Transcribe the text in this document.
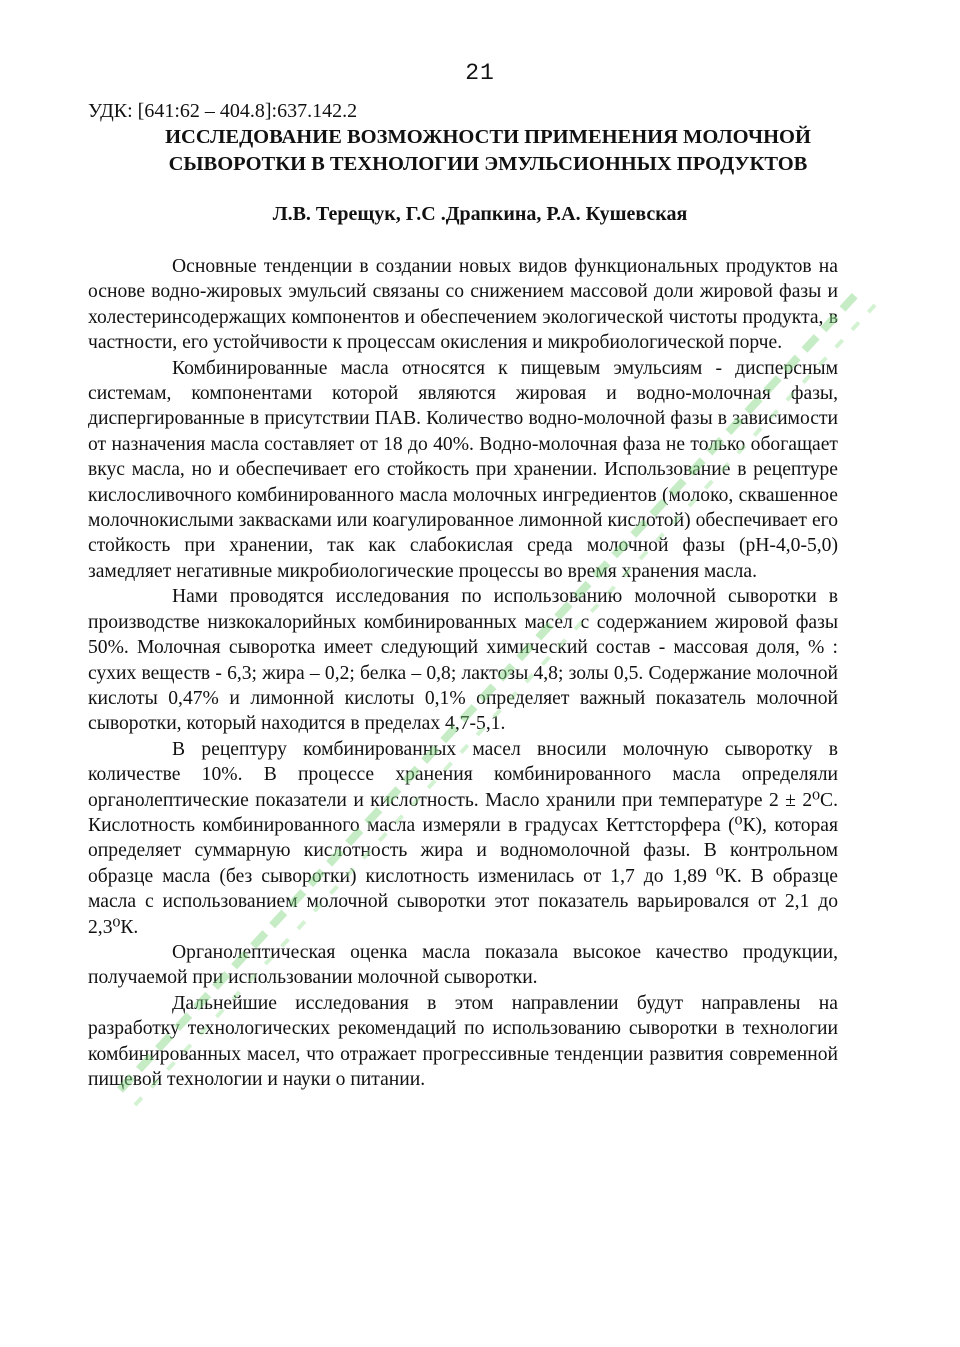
21
УДК: [641:62 – 404.8]:637.142.2
ИССЛЕДОВАНИЕ ВОЗМОЖНОСТИ ПРИМЕНЕНИЯ МОЛОЧНОЙ
СЫВОРОТКИ В ТЕХНОЛОГИИ ЭМУЛЬСИОННЫХ ПРОДУКТОВ
Л.В. Терещук, Г.С .Драпкина, Р.А. Кушевская

Основные тенденции в создании новых видов функциональных продуктов на основе водно-жировых эмульсий связаны со снижением массовой доли жировой фазы и холестеринсодержащих компонентов и обеспечением экологической чистоты продукта, в частности, его устойчивости к процессам окисления и микробиологической порче.

Комбинированные масла относятся к пищевым эмульсиям - дисперсным системам, компонентами которой являются жировая и водно-молочная фазы, диспергированные в присутствии ПАВ. Количество водно-молочной фазы в зависимости от назначения масла составляет от 18 до 40%. Водно-молочная фаза не только обогащает вкус масла, но и обеспечивает его стойкость при хранении. Использование в рецептуре кислосливочного комбинированного масла молочных ингредиентов (молоко, сквашенное молочнокислыми заквасками или коагулированное лимонной кислотой) обеспечивает его стойкость при хранении, так как слабокислая среда молочной фазы (pH-4,0-5,0) замедляет негативные микробиологические процессы во время хранения масла.

Нами проводятся исследования по использованию молочной сыворотки в производстве низкокалорийных комбинированных масел с содержанием жировой фазы 50%. Молочная сыворотка имеет следующий химический состав - массовая доля, % : сухих веществ - 6,3; жира – 0,2; белка – 0,8; лактозы 4,8; золы 0,5. Содержание молочной кислоты 0,47% и лимонной кислоты 0,1% определяет важный показатель молочной сыворотки, который находится в пределах 4,7-5,1.

В рецептуру комбинированных масел вносили молочную сыворотку в количестве 10%. В процессе хранения комбинированного масла определяли органолептические показатели и кислотность. Масло хранили при температуре 2 ± 2⁰С. Кислотность комбинированного масла измеряли в градусах Кеттсторфера (⁰К), которая определяет суммарную кислотность жира и водномолочной фазы. В контрольном образце масла (без сыворотки) кислотность изменилась от 1,7 до 1,89 ⁰К. В образце масла с использованием молочной сыворотки этот показатель варьировался от 2,1 до 2,3⁰К.

Органолептическая оценка масла показала высокое качество продукции, получаемой при использовании молочной сыворотки.

Дальнейшие исследования в этом направлении будут направлены на разработку технологических рекомендаций по использованию сыворотки в технологии комбинированных масел, что отражает прогрессивные тенденции развития современной пищевой технологии и науки о питании.
